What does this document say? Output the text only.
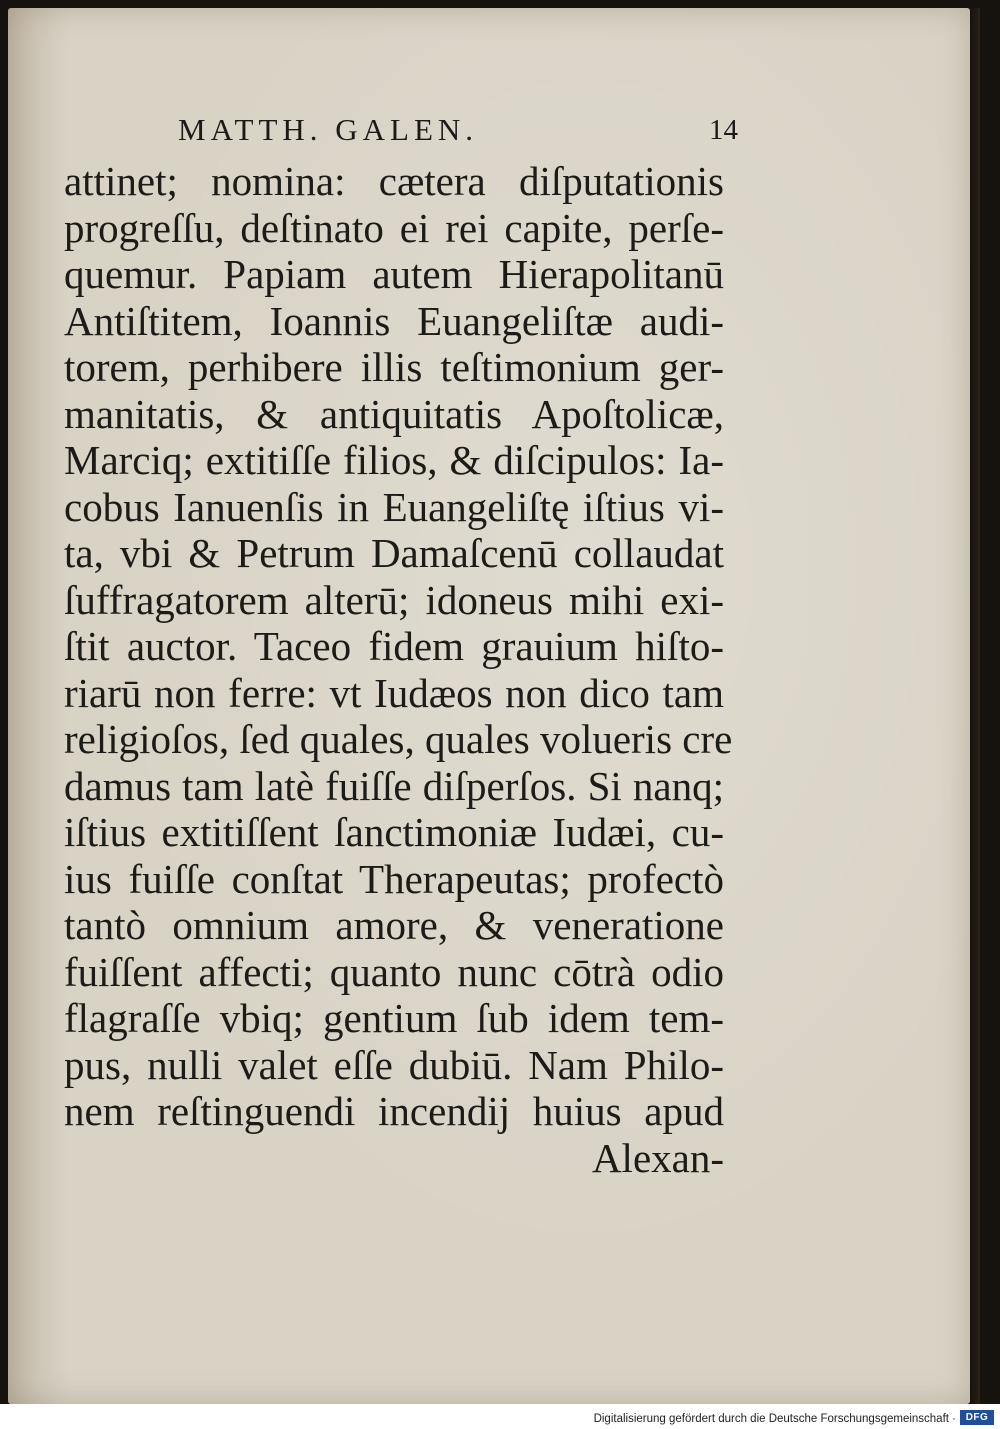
MATTH. GALEN.	14
attinet; nomina: cætera diſputationis
progreſſu, deſtinato ei rei capite, perſe-
quemur. Papiam autem Hierapolitanū
Antiſtitem, Ioannis Euangeliſtæ audi-
torem, perhibere illis teſtimonium ger-
manitatis, & antiquitatis Apoſtolicæ,
Marciq; extitiſſe filios, & diſcipulos: Ia-
cobus Ianuenſis in Euangeliſtę iſtius vi-
ta, vbi & Petrum Damaſcenū collaudat
ſuffragatorem alterū; idoneus mihi exi-
ſtit auctor. Taceo fidem grauium hiſto-
riarū non ferre: vt Iudæos non dico tam
religioſos, ſed quales, quales volueris cre
damus tam latè fuiſſe diſperſos. Si nanq;
iſtius extitiſſent ſanctimoniæ Iudæi, cu-
ius fuiſſe conſtat Therapeutas; profectò
tantò omnium amore, & veneratione
fuiſſent affecti; quanto nunc cōtrà odio
flagraſſe vbiq; gentium ſub idem tem-
pus, nulli valet eſſe dubiū. Nam Philo-
nem reſtinguendi incendij huius apud
Alexan-
Digitalisierung gefördert durch die Deutsche Forschungsgemeinschaft · DFG
